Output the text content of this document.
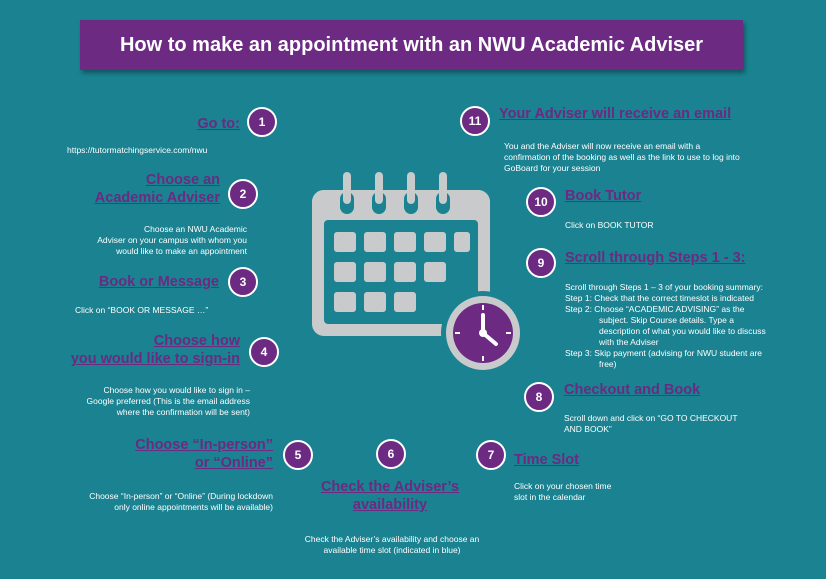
How to make an appointment with an NWU Academic Adviser
Go to:	1
https://tutormatchingservice.com/nwu
Choose an
Academic Adviser	2
Choose an NWU Academic
Adviser on your campus with whom you
would like to make an appointment
Book or Message	3
Click on “BOOK OR MESSAGE …”
Choose how
you would like to sign-in	4
Choose how you would like to sign in –
Google preferred (This is the email address
where the confirmation will be sent)
Choose “In-person”
or “Online”	5
Choose “In-person” or “Online” (During lockdown
only online appointments will be available)
6
Check the Adviser’s
availability
Check the Adviser’s availability and choose an
available time slot (indicated in blue)
7	Time Slot
Click on your chosen time
slot in the calendar
8	Checkout and Book
Scroll down and click on “GO TO CHECKOUT
AND BOOK”
9	Scroll through Steps 1 - 3:
Scroll through Steps 1 – 3 of your booking summary:
Step 1: Check that the correct timeslot is indicated
Step 2: Choose “ACADEMIC ADVISING” as the
subject. Skip Course details. Type a
description of what you would like to discuss
with the Adviser
Step 3: Skip payment (advising for NWU student are
free)
10	Book Tutor
Click on BOOK TUTOR
11	Your Adviser will receive an email
You and the Adviser will now receive an email with a
confirmation of the booking as well as the link to use to log into
GoBoard for your session
